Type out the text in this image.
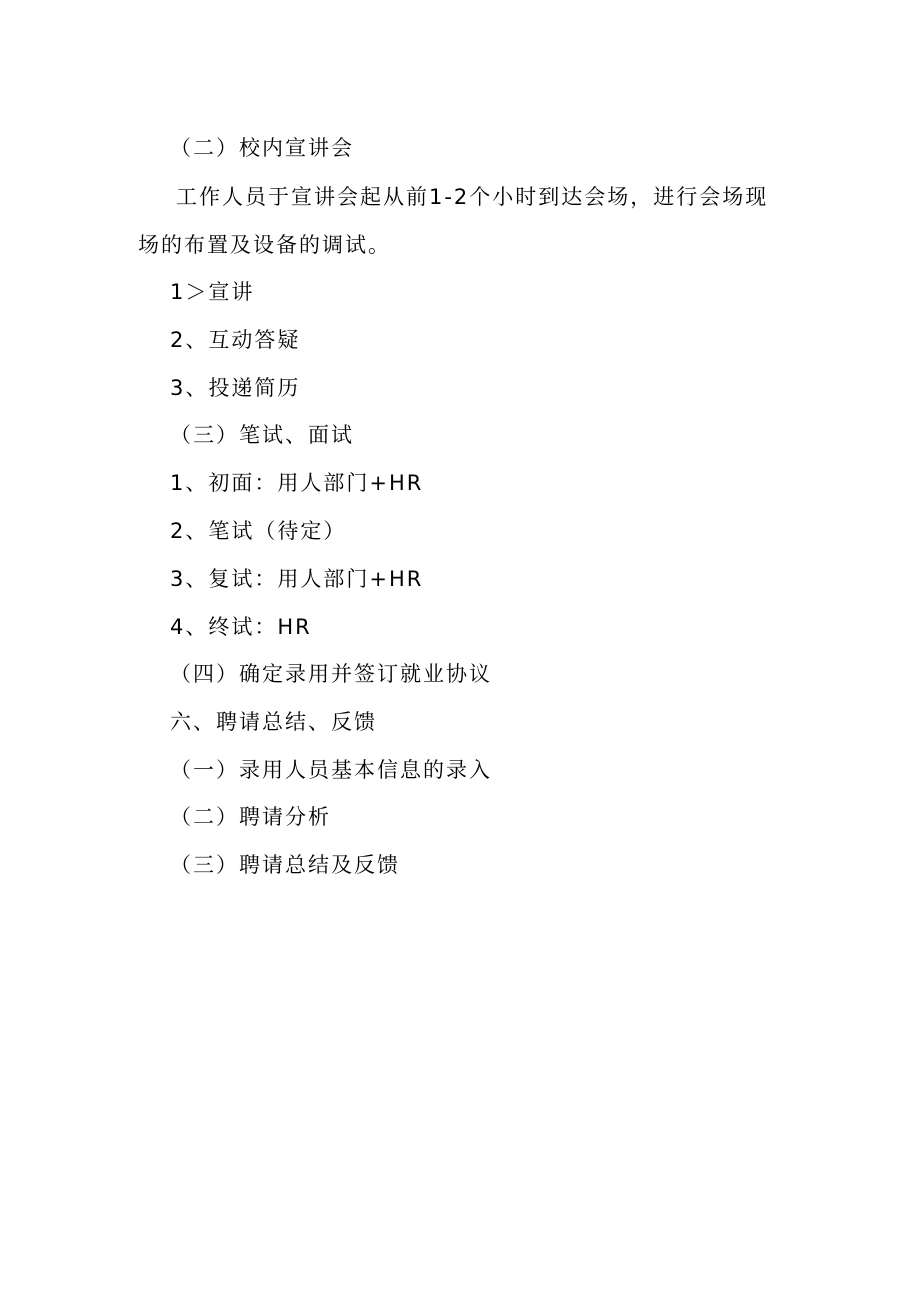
（二）校内宣讲会
工作人员于宣讲会起从前1-2个小时到达会场，进行会场现场的布置及设备的调试。
1＞宣讲
2、互动答疑
3、投递简历
（三）笔试、面试
1、初面：用人部门+HR
2、笔试（待定）
3、复试：用人部门+HR
4、终试：HR
（四）确定录用并签订就业协议
六、聘请总结、反馈
（一）录用人员基本信息的录入
（二）聘请分析
（三）聘请总结及反馈
